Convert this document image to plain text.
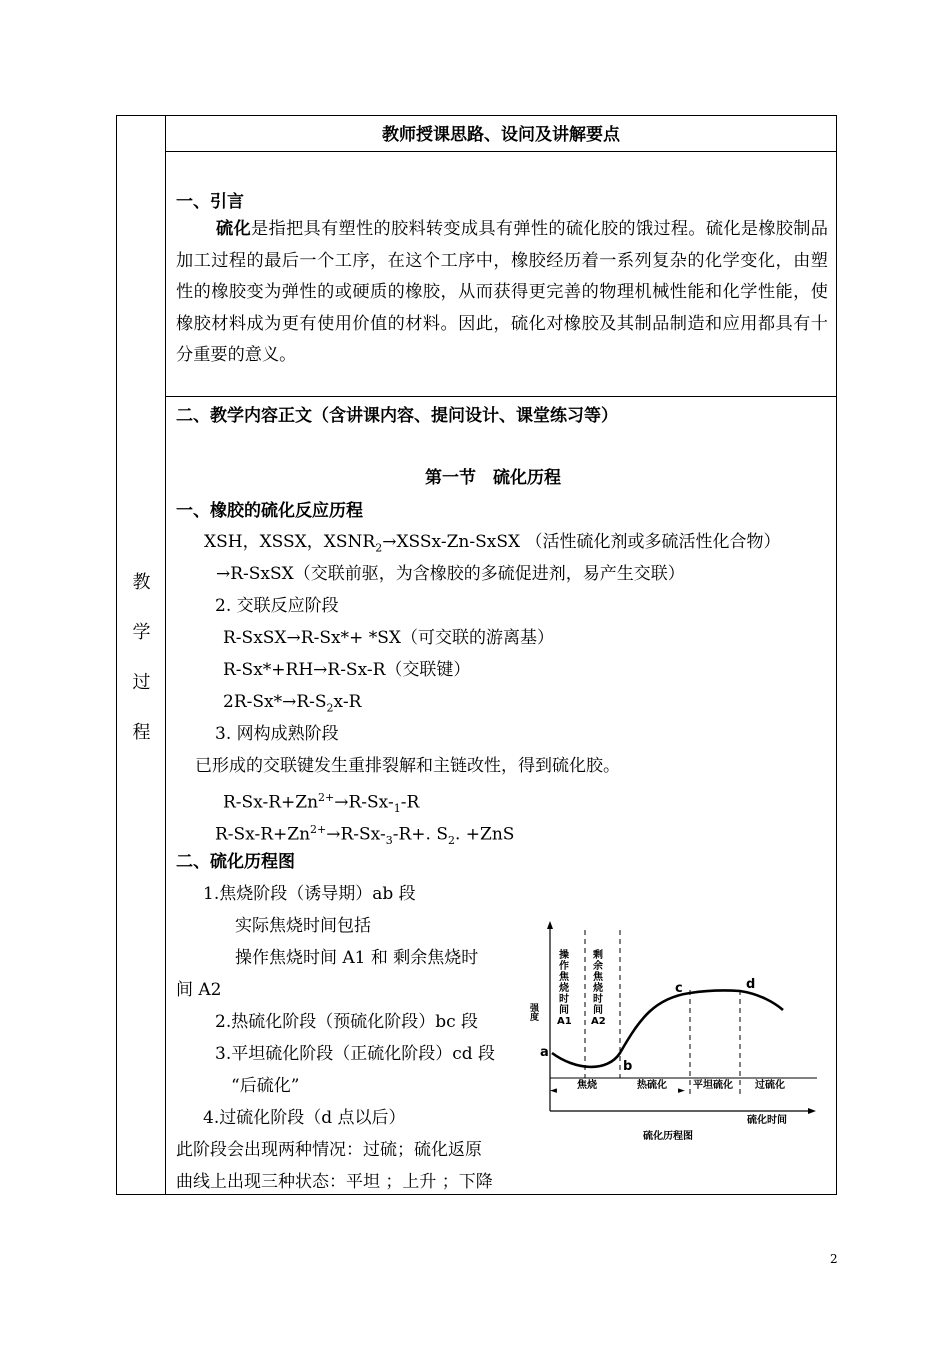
教
学
过
程
教师授课思路、设问及讲解要点
一、引言
硫化是指把具有塑性的胶料转变成具有弹性的硫化胶的饿过程。硫化是橡胶制品加工过程的最后一个工序，在这个工序中，橡胶经历着一系列复杂的化学变化，由塑性的橡胶变为弹性的或硬质的橡胶，从而获得更完善的物理机械性能和化学性能，使橡胶材料成为更有使用价值的材料。因此，硫化对橡胶及其制品制造和应用都具有十分重要的意义。
二、教学内容正文（含讲课内容、提问设计、课堂练习等）
第一节　硫化历程
一、橡胶的硫化反应历程
XSH，XSSX，$XSNR_2\to XSSx-Zn$-SxSX （活性硫化剂或多硫活性化合物）
→R-SxSX（交联前驱，为含橡胶的多硫促进剂，易产生交联）
2. 交联反应阶段
R-SxSX→R-Sx*+ *SX（可交联的游离基）
R-Sx*+RH→R-Sx-R（交联键）
$2R-Sx*\to R-S_2x-R$
3. 网构成熟阶段
已形成的交联键发生重排裂解和主链改性，得到硫化胶。
$R-Sx-R+Zn^{2+}\to R-Sx-_1-R$
$R-Sx-R+Zn^{2+}\to R-Sx-_3-R+$. $S_2$. +ZnS
二、硫化历程图
1.焦烧阶段（诱导期）ab 段
实际焦烧时间包括
操作焦烧时间 A1 和 剩余焦烧时
间 A2
2.热硫化阶段（预硫化阶段）bc 段
3.平坦硫化阶段（正硫化阶段）cd 段
“后硫化”
4.过硫化阶段（d 点以后）
此阶段会出现两种情况：过硫；硫化返原
曲线上出现三种状态：平坦 ；上升 ；下降
◄	►
操作焦烧时间 A1
剩余焦烧时间 A2
强度
a
b
c	d
焦烧	热硫化	平坦硫化 过硫化
硫化时间
硫化历程图
2
